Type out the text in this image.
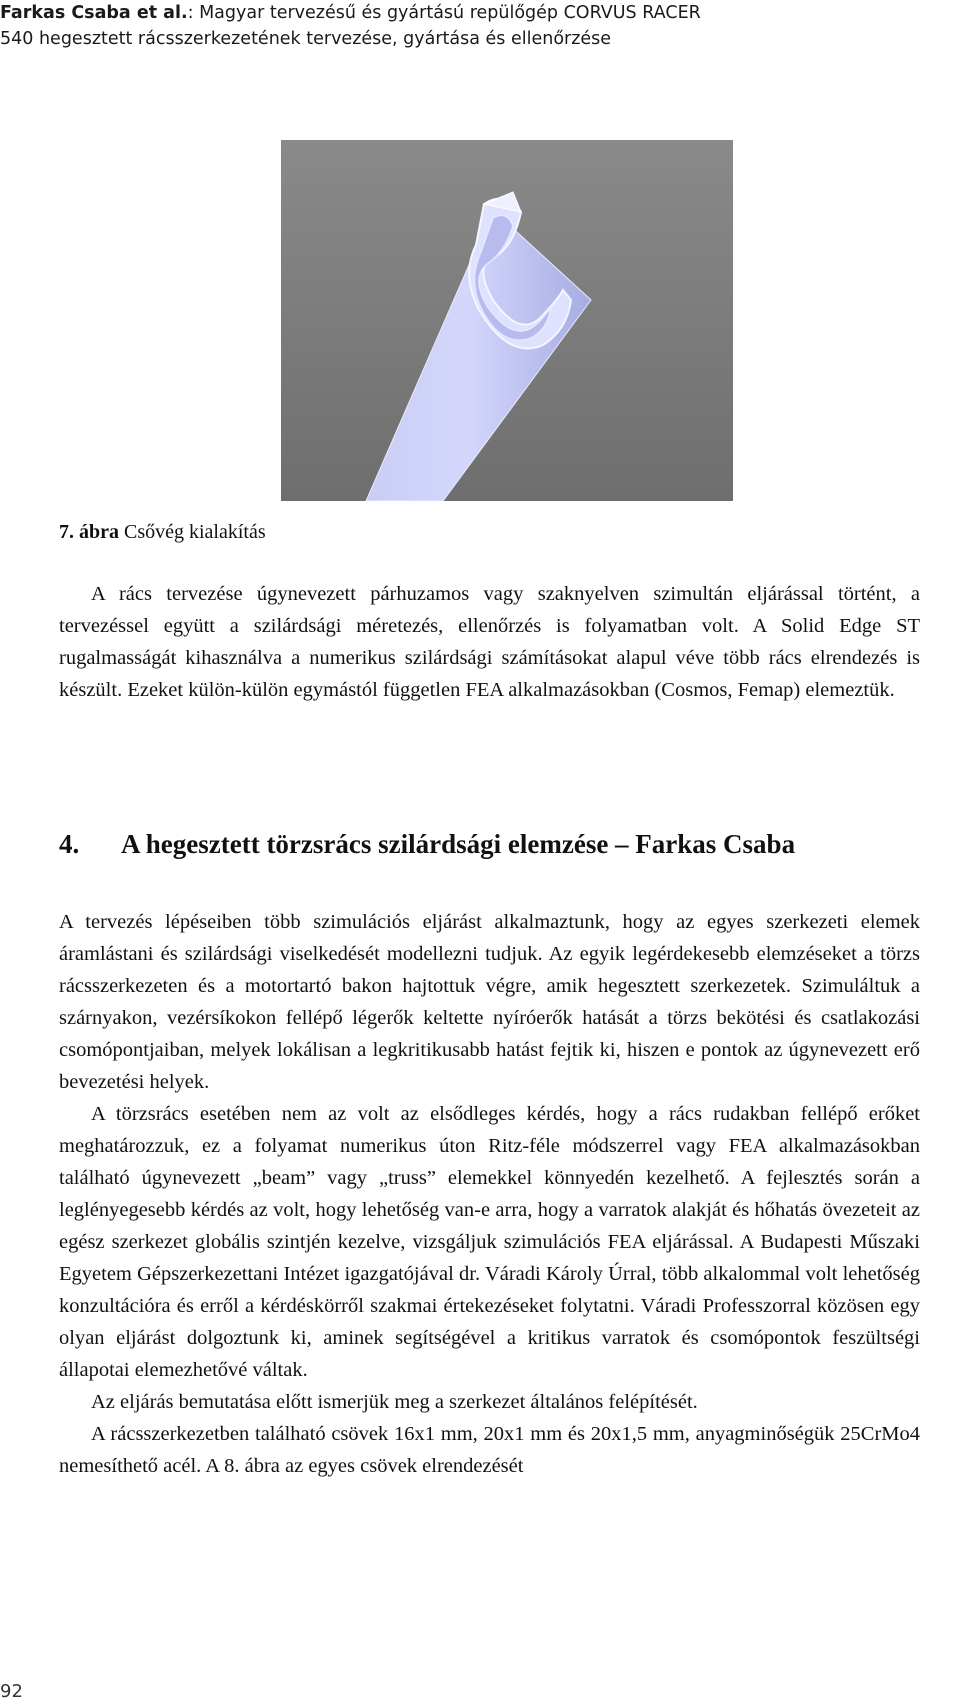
Farkas Csaba et al.: Magyar tervezésű és gyártású repülőgép CORVUS RACER 540 hegesztett rácsszerkezetének tervezése, gyártása és ellenőrzése
7. ábra Csővég kialakítás

A rács tervezése úgynevezett párhuzamos vagy szaknyelven szimultán eljárással történt, a tervezéssel együtt a szilárdsági méretezés, ellenőrzés is folyamatban volt. A Solid Edge ST rugalmasságát kihasználva a numerikus szilárdsági számításokat alapul véve több rács elrendezés is készült. Ezeket külön-külön egymástól független FEA alkalmazásokban (Cosmos, Femap) elemeztük.

4. A hegesztett törzsrács szilárdsági elemzése – Farkas Csaba

A tervezés lépéseiben több szimulációs eljárást alkalmaztunk, hogy az egyes szerkezeti elemek áramlástani és szilárdsági viselkedését modellezni tudjuk. Az egyik legérdekesebb elemzéseket a törzs rácsszerkezeten és a motortartó bakon hajtottuk végre, amik hegesztett szerkezetek. Szimuláltuk a szárnyakon, vezérsíkokon fellépő légerők keltette nyíróerők hatását a törzs bekötési és csatlakozási csomópontjaiban, melyek lokálisan a legkritikusabb hatást fejtik ki, hiszen e pontok az úgynevezett erő bevezetési helyek.

A törzsrács esetében nem az volt az elsődleges kérdés, hogy a rács rudakban fellépő erőket meghatározzuk, ez a folyamat numerikus úton Ritz-féle módszerrel vagy FEA alkalmazásokban található úgynevezett „beam” vagy „truss” elemekkel könnyedén kezelhető. A fejlesztés során a leglényegesebb kérdés az volt, hogy lehetőség van-e arra, hogy a varratok alakját és hőhatás övezeteit az egész szerkezet globális szintjén kezelve, vizsgáljuk szimulációs FEA eljárással. A Budapesti Műszaki Egyetem Gépszerkezettani Intézet igazgatójával dr. Váradi Károly Úrral, több alkalommal volt lehetőség konzultációra és erről a kérdéskörről szakmai értekezéseket folytatni. Váradi Professzorral közösen egy olyan eljárást dolgoztunk ki, aminek segítségével a kritikus varratok és csomópontok feszültségi állapotai elemezhetővé váltak.

Az eljárás bemutatása előtt ismerjük meg a szerkezet általános felépítését.

A rácsszerkezetben található csövek 16x1 mm, 20x1 mm és 20x1,5 mm, anyagminőségük 25CrMo4 nemesíthető acél. A 8. ábra az egyes csövek elrendezését

92
